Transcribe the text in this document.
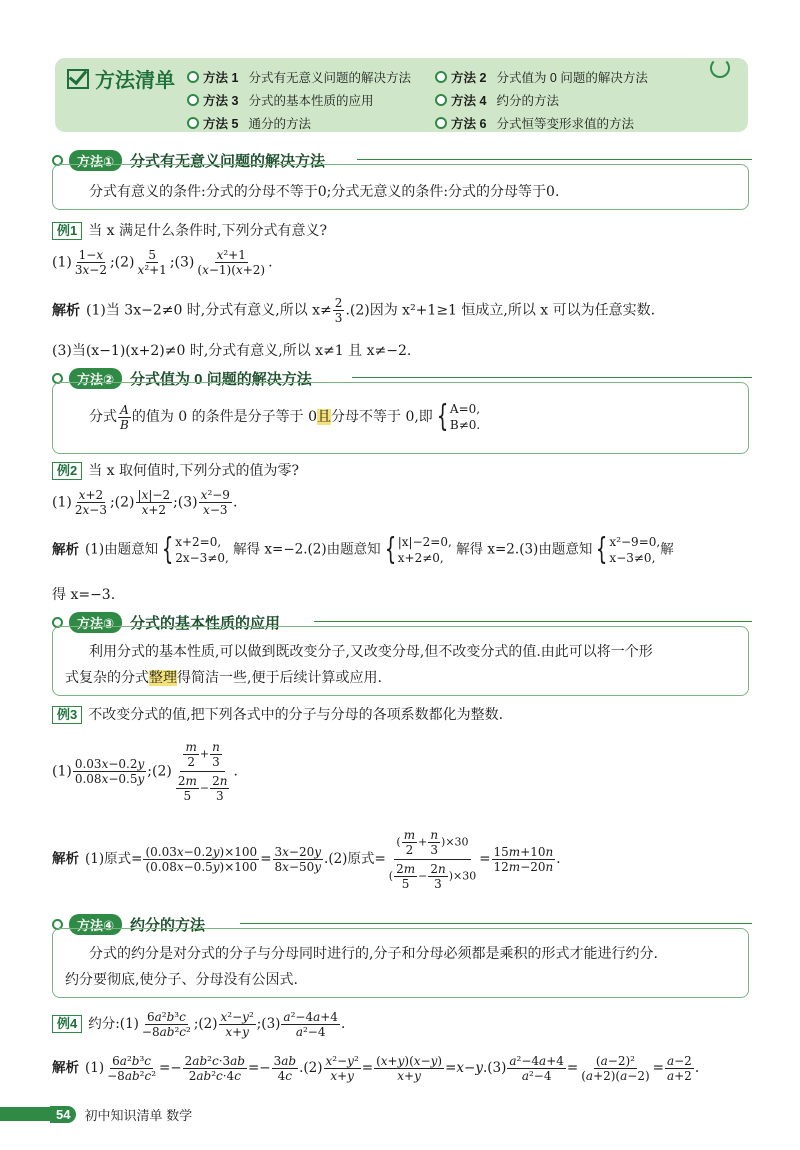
方法清单	方法 1 分式有无意义问题的解决方法	方法 2 分式值为 0 问题的解决方法
方法 3 分式的基本性质的应用	方法 4 约分的方法
方法 5 通分的方法	方法 6 分式恒等变形求值的方法
方法①	分式有无意义问题的解决方法
分式有意义的条件:分式的分母不等于0;分式无意义的条件:分式的分母等于0.
例1 当 x 满足什么条件时,下列分式有意义?
$(1) \frac{1-x}{3x-2}$ ;(2) $\frac{5}{\text{x²+1}}$ ;(3) $\frac{\text{x²+1}}{(x-1)(x+2)}$ .
解析 (1)当 3x−2≠0 时,分式有意义,所以 $x\ne \frac{2}{3} .(2)$因为 x²+1≥1 恒成立,所以 x 可以为任意实数.
(3)当(x−1)(x+2)≠0 时,分式有意义,所以 x≠1 且 x≠−2.
方法②	分式值为 0 问题的解决方法
分式 $\frac{A}{B}$ 的值为 0 的条件是分子等于 0且分母不等于 0,即 { A=0,
B≠0.
例2 当 x 取何值时,下列分式的值为零?
$(1) \frac{x+2}{2x-3}$ ;(2) $\frac{|x|-2}{x+2}$ ;(3) $\frac{\text{x²−9}}{x-3}$ .
解析 (1)由题意知 { x+2=0,
2x−3≠0,
解得 x=−2.(2)由题意知 { |x|−2=0,
x+2≠0,
解得 x=2.(3)由题意知 { x²−9=0,
x−3≠0,
解
得 x=−3.
方法③	分式的基本性质的应用
利用分式的基本性质,可以做到既改变分子,又改变分母,但不改变分式的值.由此可以将一个形
式复杂的分式整理得简洁一些,便于后续计算或应用.
例3 不改变分式的值,把下列各式中的分子与分母的各项系数都化为整数.
$(1) \frac{0.03x-0.2y}{0.08x-0.5y}$ ;(2) $\frac{\frac{m}{2} + \frac{n}{3}}{\frac{2m}{5} - \frac{2n}{3}}$ .
解析 (1)原式= $\frac{(0.03x-0.2y)\times 100}{(0.08x-0.5y)\times 100} = \frac{3x-20y}{8x-50y} .(2)$原式= $\frac{( \frac{m}{2} + \frac{n}{3} )\times 30}{( \frac{2m}{5} - \frac{2n}{3} )\times 30} = \frac{15m+10n}{12m-20n}$ .
方法④	约分的方法
分式的约分是对分式的分子与分母同时进行的,分子和分母必须都是乘积的形式才能进行约分.
约分要彻底,使分子、分母没有公因式.
例4 约分:(1) $\frac{\text{6a²b³c}}{\text{−8ab²c²}}$ ;(2) $\frac{\text{x²−y²}}{x+y}$ ;(3) $\frac{\text{a²−4a+4}}{\text{a²−4}}$ .
解析 $(1) \frac{\text{6a²b³c}}{\text{−8ab²c²}} =- \frac{\text{2ab²c·3ab}}{\text{2ab²c·4c}} =- \frac{3ab}{4c} .(2) \frac{\text{x²−y²}}{x+y} = \frac{(x+y)(x-y)}{x+y} =x-y.(3) \frac{\text{a²−4a+4}}{\text{a²−4}} = \frac{\text{(a−2)²}}{(a+2)(a-2)} = \frac{a-2}{a+2}$ .
54	初中知识清单 数学
